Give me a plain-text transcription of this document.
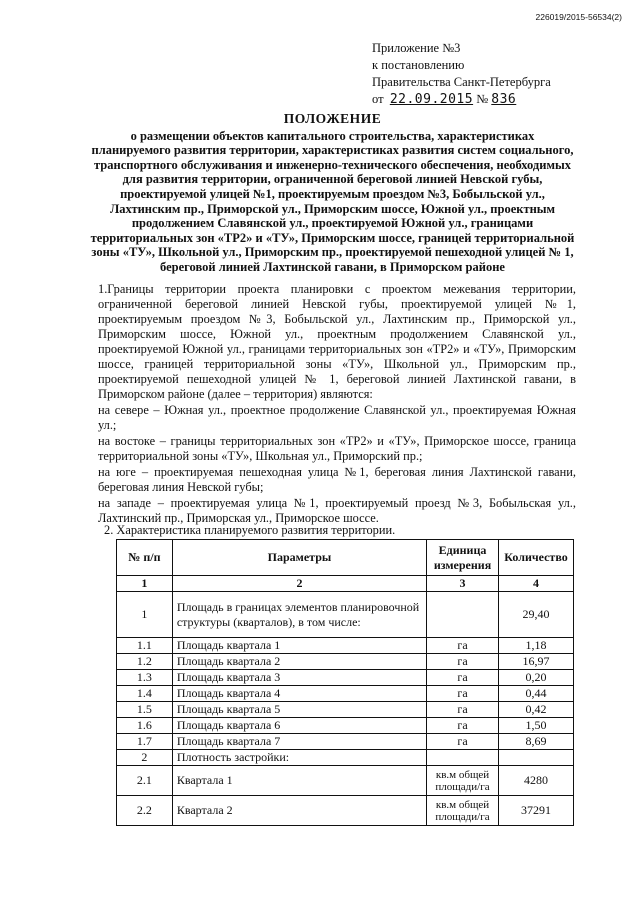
226019/2015-56534(2)
Приложение №3
к постановлению
Правительства Санкт-Петербурга
от
22.09.2015
№
836
ПОЛОЖЕНИЕ
о размещении объектов капитального строительства, характеристиках планируемого развития территории, характеристиках развития систем социального, транспортного обслуживания и инженерно-технического обеспечения, необходимых для развития территории, ограниченной береговой линией Невской губы, проектируемой улицей №1, проектируемым проездом №3, Бобыльской ул., Лахтинским пр., Приморской ул., Приморским шоссе, Южной ул., проектным продолжением Славянской ул., проектируемой Южной ул., границами территориальных зон «ТР2» и «ТУ», Приморским шоссе, границей территориальной зоны «ТУ», Школьной ул., Приморским пр., проектируемой пешеходной улицей № 1, береговой линией Лахтинской гавани, в Приморском районе

1.Границы территории проекта планировки с проектом межевания территории, ограниченной береговой линией Невской губы, проектируемой улицей №1, проектируемым проездом №3, Бобыльской ул., Лахтинским пр., Приморской ул., Приморским шоссе, Южной ул., проектным продолжением Славянской ул., проектируемой Южной ул., границами территориальных зон «ТР2» и «ТУ», Приморским шоссе, границей территориальной зоны «ТУ», Школьной ул., Приморским пр., проектируемой пешеходной улицей № 1, береговой линией Лахтинской гавани, в Приморском районе (далее – территория) являются:

на севере – Южная ул., проектное продолжение Славянской ул., проектируемая Южная ул.;

на востоке – границы территориальных зон «ТР2» и «ТУ», Приморское шоссе, граница территориальной зоны «ТУ», Школьная ул., Приморский пр.;

на юге – проектируемая пешеходная улица №1, береговая линия Лахтинской гавани, береговая линия Невской губы;

на западе – проектируемая улица №1, проектируемый проезд №3, Бобыльская ул., Лахтинский пр., Приморская ул., Приморское шоссе.

2. Характеристика планируемого развития территории.
№ п/п	Параметры	Единица измерения	Количество
1	2	3	4
1	Площадь в границах элементов планировочной структуры (кварталов), в том числе:		29,40
1.1	Площадь квартала 1	га	1,18
1.2	Площадь квартала 2	га	16,97
1.3	Площадь квартала 3	га	0,20
1.4	Площадь квартала 4	га	0,44
1.5	Площадь квартала 5	га	0,42
1.6	Площадь квартала 6	га	1,50
1.7	Площадь квартала 7	га	8,69
2	Плотность застройки:		
2.1	Квартала 1	кв.м общей площади/га	4280
2.2	Квартала 2	кв.м общей площади/га	37291
